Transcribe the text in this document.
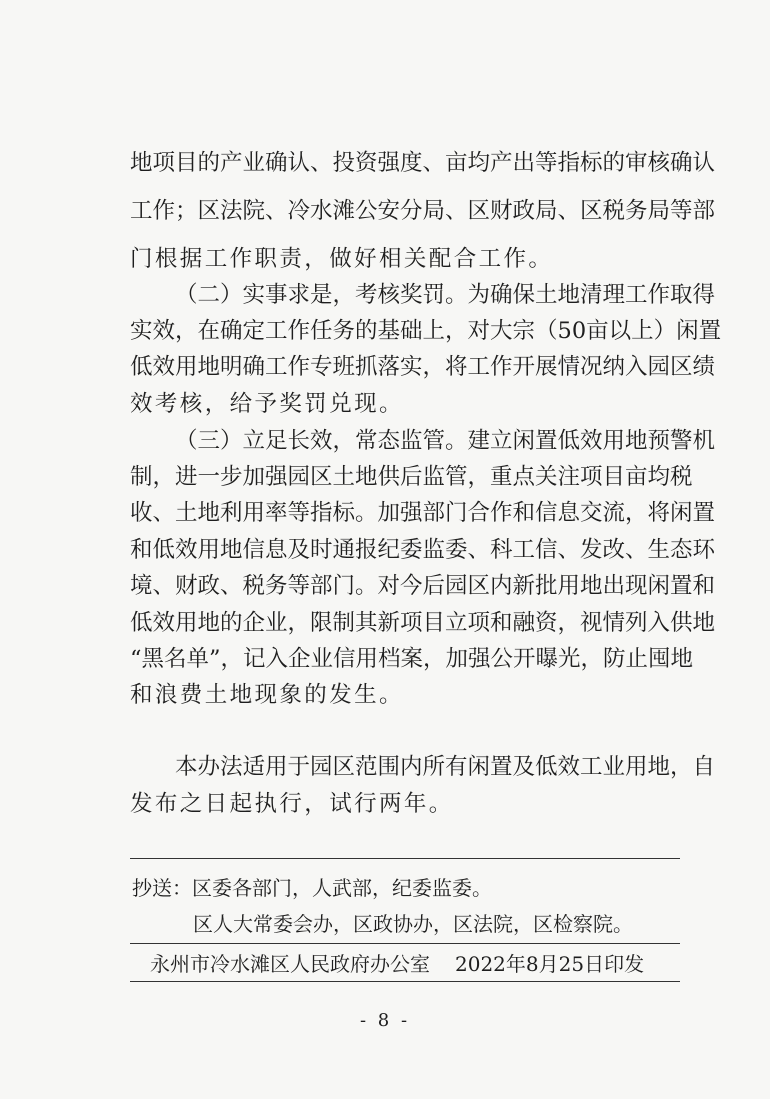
地项目的产业确认、投资强度、亩均产出等指标的审核确认
工作；区法院、冷水滩公安分局、区财政局、区税务局等部
门根据工作职责，做好相关配合工作。
（二）实事求是，考核奖罚。为确保土地清理工作取得
实效，在确定工作任务的基础上，对大宗（50亩以上）闲置
低效用地明确工作专班抓落实，将工作开展情况纳入园区绩
效考核，给予奖罚兑现。
（三）立足长效，常态监管。建立闲置低效用地预警机
制，进一步加强园区土地供后监管，重点关注项目亩均税
收、土地利用率等指标。加强部门合作和信息交流，将闲置
和低效用地信息及时通报纪委监委、科工信、发改、生态环
境、财政、税务等部门。对今后园区内新批用地出现闲置和
低效用地的企业，限制其新项目立项和融资，视情列入供地
“黑名单”，记入企业信用档案，加强公开曝光，防止囤地
和浪费土地现象的发生。
本办法适用于园区范围内所有闲置及低效工业用地，自
发布之日起执行，试行两年。
抄送：区委各部门，人武部，纪委监委。
区人大常委会办，区政协办，区法院，区检察院。
永州市冷水滩区人民政府办公室 2022年8月25日印发
- 8 -
